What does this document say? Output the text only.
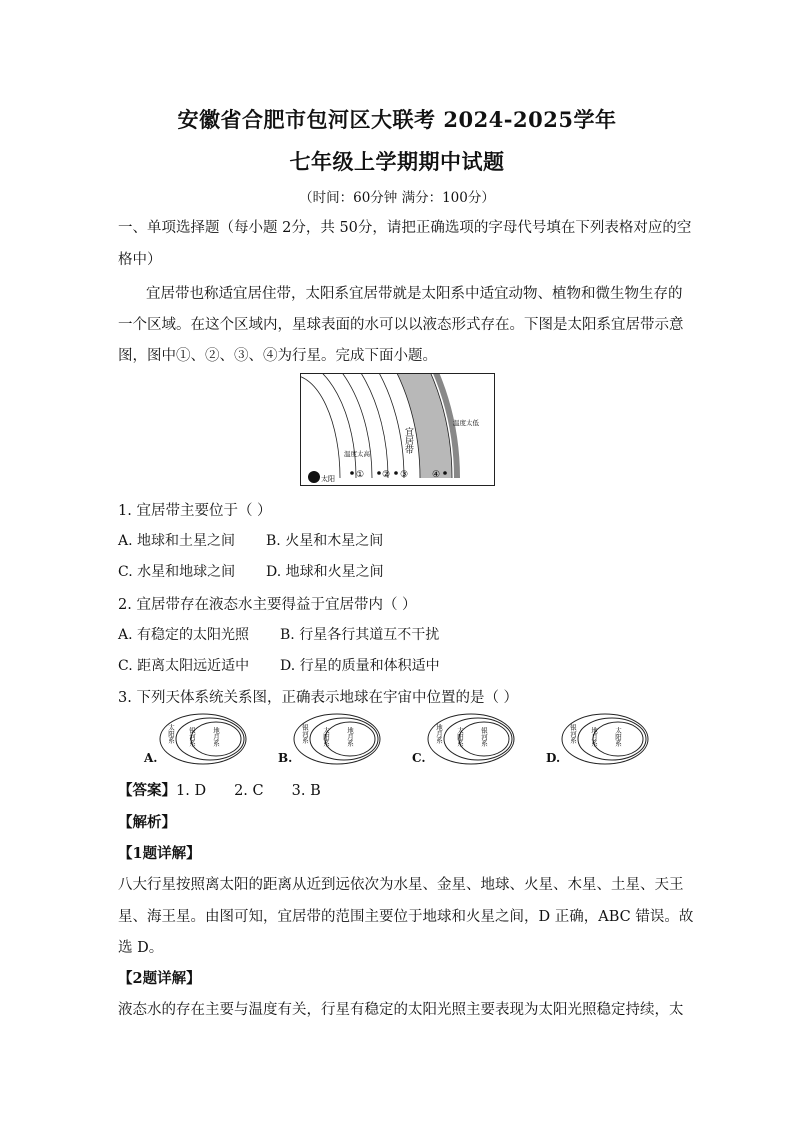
安徽省合肥市包河区大联考 2024-2025学年
七年级上学期期中试题
（时间：60分钟 满分：100分）
一、单项选择题（每小题 2分，共 50分，请把正确选项的字母代号填在下列表格对应的空
格中）
宜居带也称适宜居住带，太阳系宜居带就是太阳系中适宜动物、植物和微生物生存的
一个区域。在这个区域内，星球表面的水可以以液态形式存在。下图是太阳系宜居带示意
图，图中①、②、③、④为行星。完成下面小题。
太阳
温度太高
① ② ③	④
宜居带
温度太低
1. 宜居带主要位于（ ）
A. 地球和土星之间 B. 火星和木星之间
C. 水星和地球之间 D. 地球和火星之间
2. 宜居带存在液态水主要得益于宜居带内（ ）
A. 有稳定的太阳光照 B. 行星各行其道互不干扰
C. 距离太阳远近适中 D. 行星的质量和体积适中
3. 下列天体系统关系图，正确表示地球在宇宙中位置的是（ ）
A.
太阳系 银河系 地月系
B.
银河系 太阳系 地月系
C.
地月系 太阳系 银河系
D.
银河系 地月系 太阳系
【答案】1. D 2. C 3. B
【解析】
【1题详解】
八大行星按照离太阳的距离从近到远依次为水星、金星、地球、火星、木星、土星、天王
星、海王星。由图可知，宜居带的范围主要位于地球和火星之间，D 正确，ABC 错误。故
选 D。
【2题详解】
液态水的存在主要与温度有关，行星有稳定的太阳光照主要表现为太阳光照稳定持续，太
